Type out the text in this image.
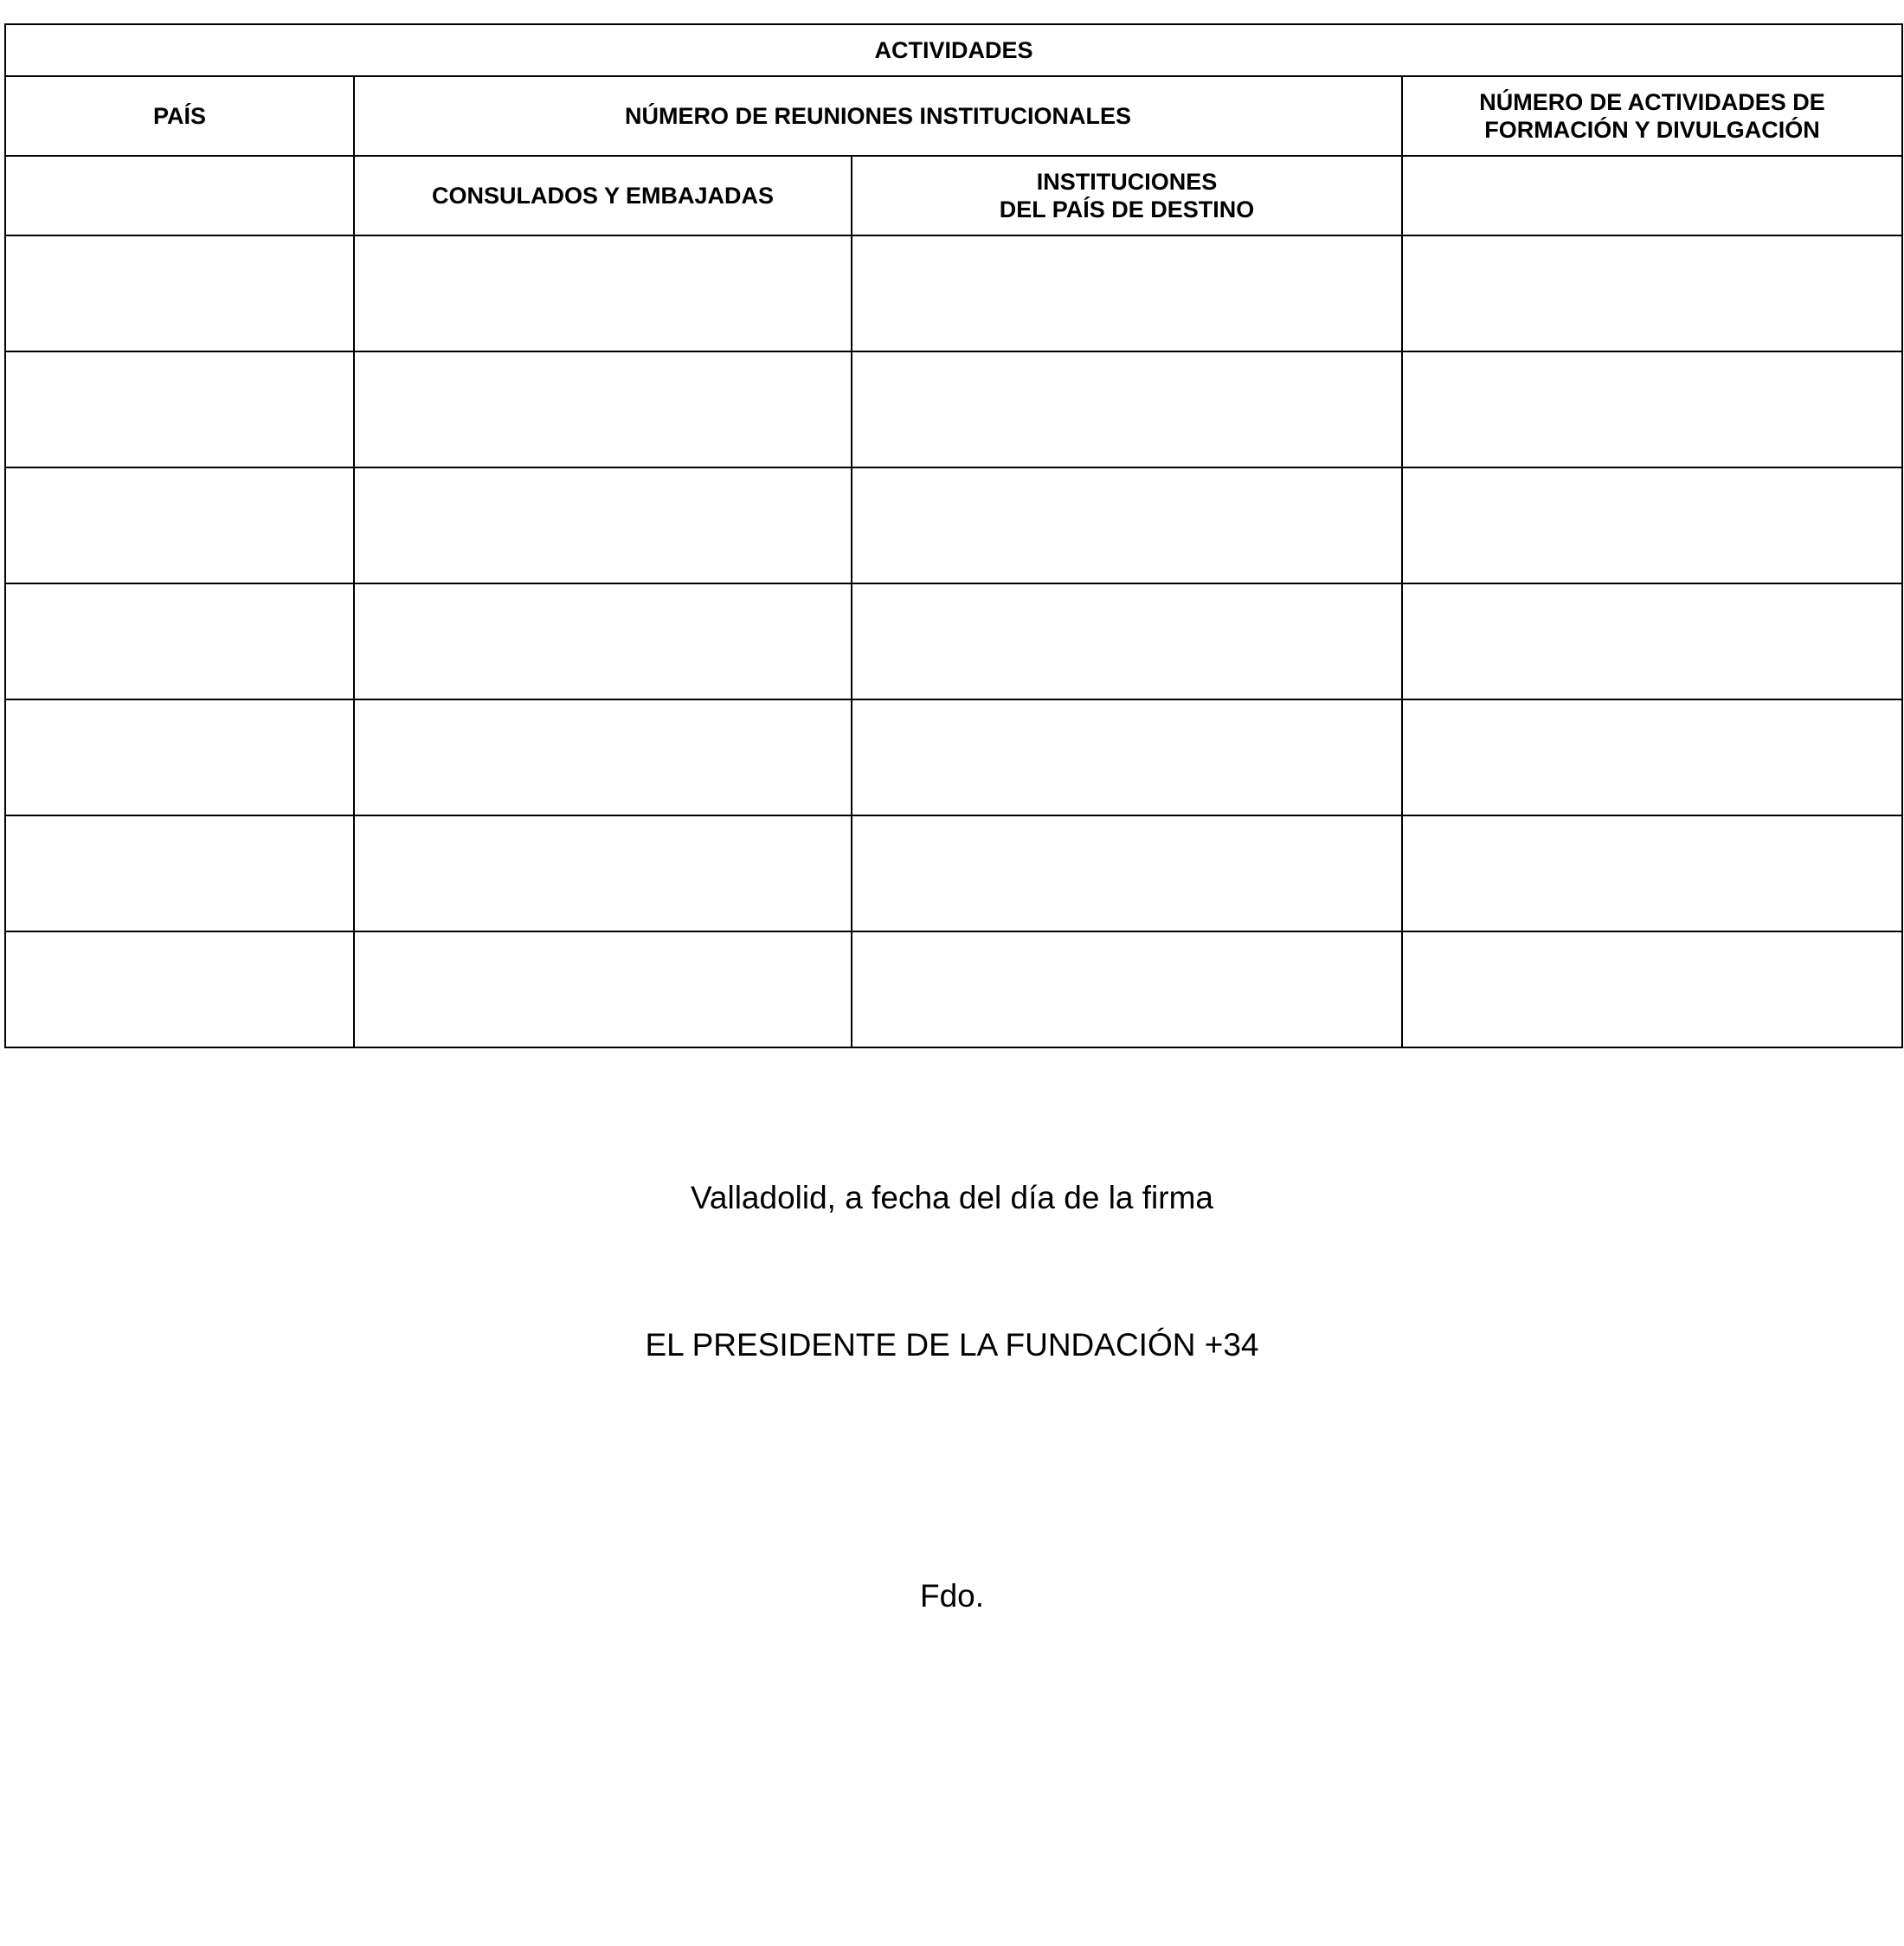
ACTIVIDADES			
PAÍS	NÚMERO DE REUNIONES INSTITUCIONALES		NÚMERO DE ACTIVIDADES DE
FORMACIÓN Y DIVULGACIÓN

	CONSULADOS Y EMBAJADAS	INSTITUCIONES
DEL PAÍS DE DESTINO	

Valladolid, a fecha del día de la firma
EL PRESIDENTE DE LA FUNDACIÓN +34
Fdo.
